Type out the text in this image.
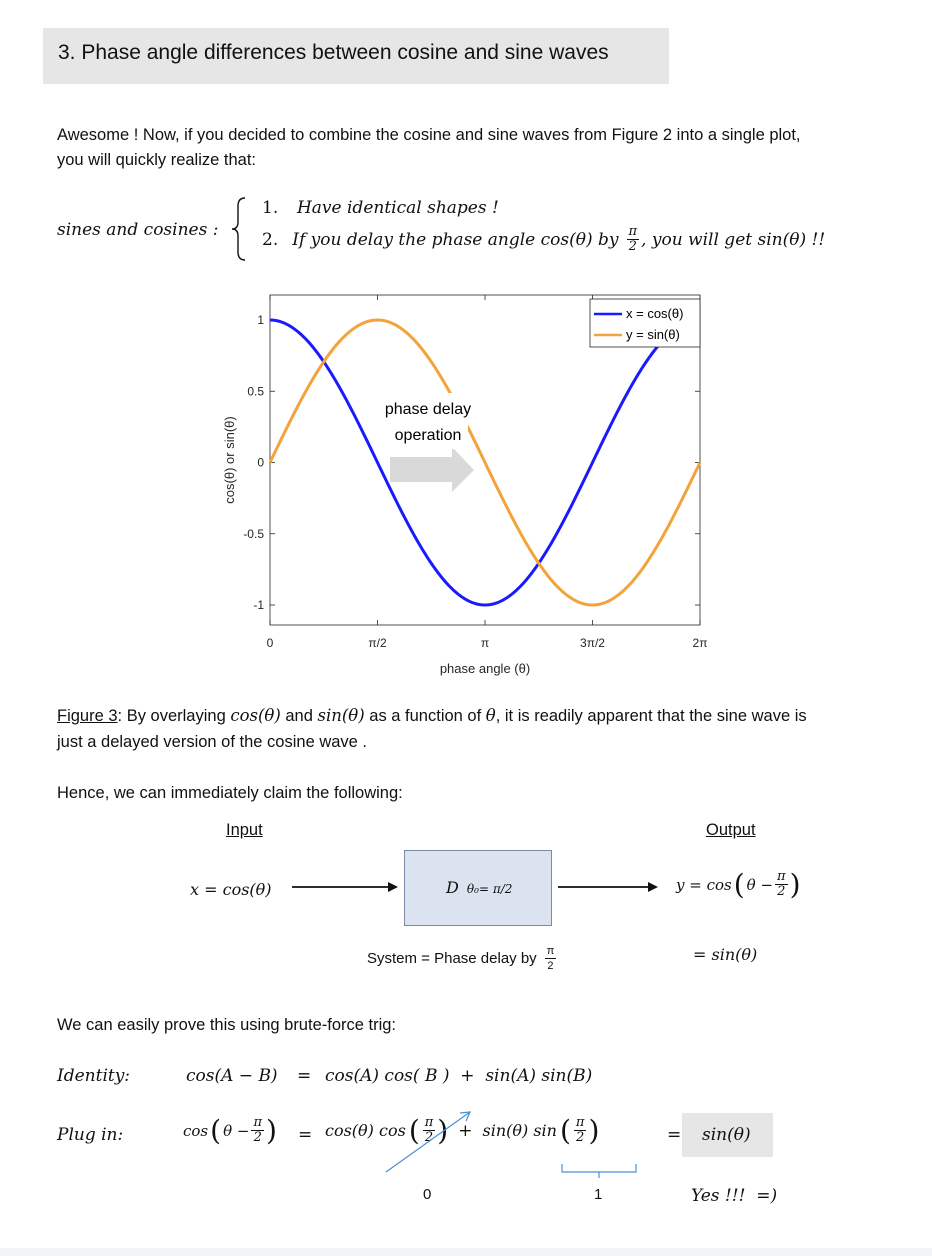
3. Phase angle differences between cosine and sine waves
Awesome ! Now, if you decided to combine the cosine and sine waves from Figure 2 into a single plot,
you will quickly realize that:
sines and cosines :
1. Have identical shapes !
2. If you delay the phase angle cos(θ) by $\frac{\pi}{2}$ , you will get sin(θ) !!
0	π/2	π	3π/2	2π
1
0.5
0
-0.5
-1
phase delay
operation
x = cos(θ)
y = sin(θ)
phase angle (θ)
cos(θ) or sin(θ)
Figure 3: By overlaying cos(θ) and sin(θ) as a function of θ, it is readily apparent that the sine wave is
just a delayed version of the cosine wave .
Hence, we can immediately claim the following:
Input	Output
x = cos(θ)	D θ₀= π/2	y = cos ( $\theta - \frac{\pi}{2}$ )
System = Phase delay by $\frac{\pi}{2}$	= sin(θ)
We can easily prove this using brute-force trig:
Identity:	cos(A − B) = cos(A) cos( B )  +  sin(A) sin(B)
Plug in:	cos ( $\theta - \frac{\pi}{2}$ ) = cos(θ) cos ( $\frac{\pi}{2}$ ) + sin(θ) sin ( $\frac{\pi}{2}$ )	= sin(θ)
0	1	Yes !!!  =)
